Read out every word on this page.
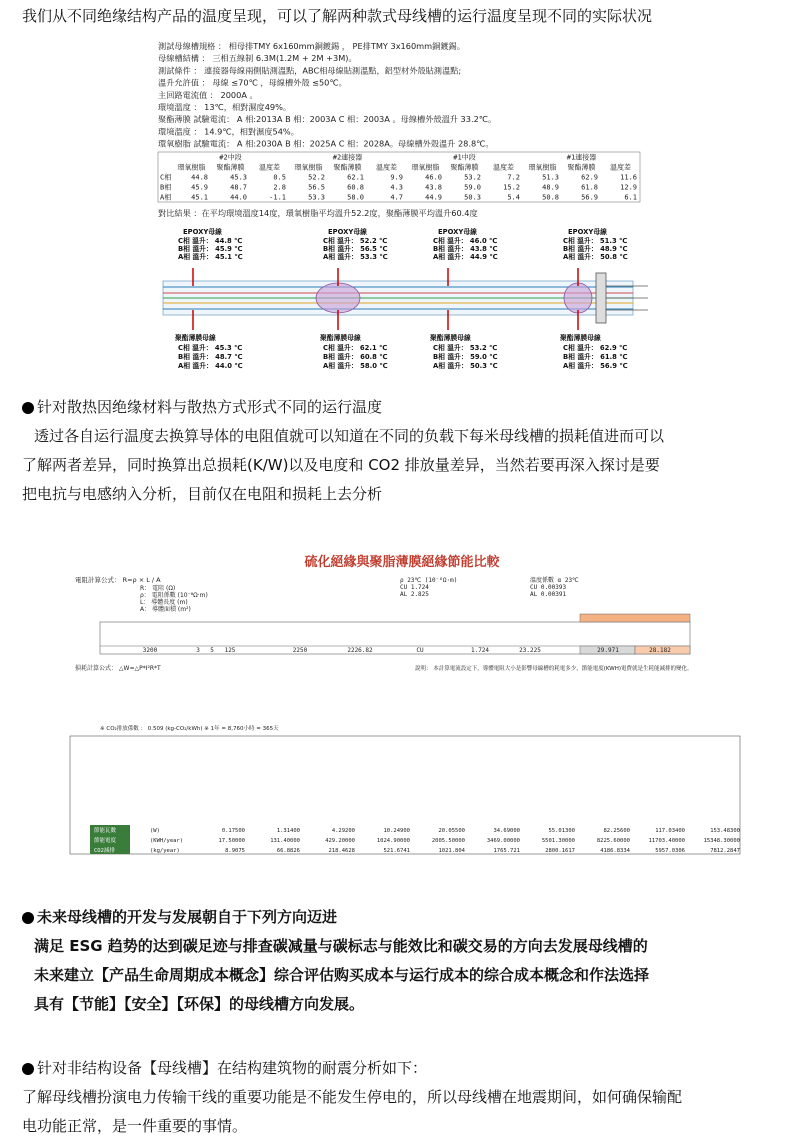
我们从不同绝缘结构产品的温度呈现，可以了解两种款式母线槽的运行温度呈现不同的实际状况

測試母線槽規格 ： 相母排TMY 6x160mm銅鍍錫 ， PE排TMY 3x160mm銅鍍錫。
母線槽結構 ： 三相五線制 6.3M(1.2M + 2M +3M)。
測試條件 ： 連接器每線兩側貼測溫點，ABC相母線貼測溫點，鋁型材外殼貼測溫點;
溫升允許值 ： 母線 ≤70℃ ，母線槽外殼 ≤50℃。
主回路電流值 ： 2000A 。
環境溫度 ： 13℃，相對濕度49%。
聚酯薄膜 試驗電流： A 相:2013A B 相：2003A C 相：2003A 。母線槽外殼溫升 33.2℃。
環境溫度 ： 14.9℃，相對濕度54%。
環氧樹脂 試驗電流： A 相:2030A B 相：2025A C 相：2028A。母線槽外殼溫升 28.8℃。
#2中段	#2連接器	#1中段	#1連接器
環氧樹脂 聚酯薄膜 溫度差 環氧樹脂 聚酯薄膜 溫度差 環氧樹脂 聚酯薄膜 溫度差 環氧樹脂 聚酯薄膜 溫度差
C相	44.8	45.3	0.5	52.2	62.1	9.9	46.0	53.2	7.2	51.3	62.9	11.6
B相	45.9	48.7	2.8	56.5	60.8	4.3	43.8	59.0	15.2	48.9	61.8	12.9
A相	45.1	44.0	-1.1	53.3	58.0	4.7	44.9	50.3	5.4	50.8	56.9	6.1
對比結果 ：在平均環境溫度14度，環氧樹脂平均溫升52.2度，聚酯薄膜平均溫升60.4度
EPOXY母線
C相 溫升： 44.8 ℃
B相 溫升： 45.9 ℃
A相 溫升： 45.1 ℃
EPOXY母線
C相 溫升： 52.2 ℃
B相 溫升： 56.5 ℃
A相 溫升： 53.3 ℃
EPOXY母線
C相 溫升： 46.0 ℃
B相 溫升： 43.8 ℃
A相 溫升： 44.9 ℃
EPOXY母線
C相 溫升： 51.3 ℃
B相 溫升： 48.9 ℃
A相 溫升： 50.8 ℃
聚酯薄膜母線
C相 溫升： 45.3 ℃
B相 溫升： 48.7 ℃
A相 溫升： 44.0 ℃
聚酯薄膜母線
C相 溫升： 62.1 ℃
B相 溫升： 60.8 ℃
A相 溫升： 58.0 ℃
聚酯薄膜母線
C相 溫升： 53.2 ℃
B相 溫升： 59.0 ℃
A相 溫升： 50.3 ℃
聚酯薄膜母線
C相 溫升： 62.9 ℃
B相 溫升： 61.8 ℃
A相 溫升： 56.9 ℃
针对散热因绝缘材料与散热方式形式不同的运行温度

透过各自运行温度去换算导体的电阻值就可以知道在不同的负载下每米母线槽的损耗值进而可以

了解两者差异，同时换算出总损耗(K/W)以及电度和 CO2 排放量差异，当然若要再深入探讨是要

把电抗与电感纳入分析，目前仅在电阻和损耗上去分析

硫化絕緣與聚脂薄膜絕緣節能比較
電阻計算公式： R=ρ × L / A
R： 電阻 (Ω)
ρ： 電阻係數 (10⁻⁸Ω·m)
L： 導體長度 (m)
A： 導體面積 (m²)
ρ 23℃ (10⁻⁸Ω·m)
CU 1.724
AL 2.825
溫度係數 α 23℃
CU 0.00393
AL 0.00391
3200	3 5 125	2250	2226.82	CU	1.724	23.225	29.971	28.182
損耗計算公式： △W=△P*I²R*T	說明： 本計算電流設定下，導體電阻大小是影響母線槽的耗電多少，節能電度(KWH)電費就是生耗能減排的變化。
※ CO₂排放係數 ： 0.509 (kg-CO₂/kWh) ※ 1年 = 8,760小時 = 365天
節能瓦數	(W)	0.17500	1.31400	4.29200	10.24900	20.05500	34.69000	55.01300	82.25600	117.03400	153.48300
節能電度	(KWH/year)	17.50000	131.40000	429.20000	1024.90000	2005.50000	3469.00000	5501.30000	8225.60000	11703.40000	15348.30000
CO2減排	(kg/year)	8.9075	66.8826	218.4628	521.6741	1021.804	1765.721	2800.1617	4186.8334	5957.0306	7812.2847
未来母线槽的开发与发展朝自于下列方向迈进

满足 ESG 趋势的达到碳足迹与排查碳减量与碳标志与能效比和碳交易的方向去发展母线槽的

未来建立【产品生命周期成本概念】综合评估购买成本与运行成本的综合成本概念和作法选择

具有【节能】【安全】【环保】的母线槽方向发展。

针对非结构设备【母线槽】在结构建筑物的耐震分析如下：

了解母线槽扮演电力传输干线的重要功能是不能发生停电的，所以母线槽在地震期间，如何确保输配

电功能正常，是一件重要的事情。
